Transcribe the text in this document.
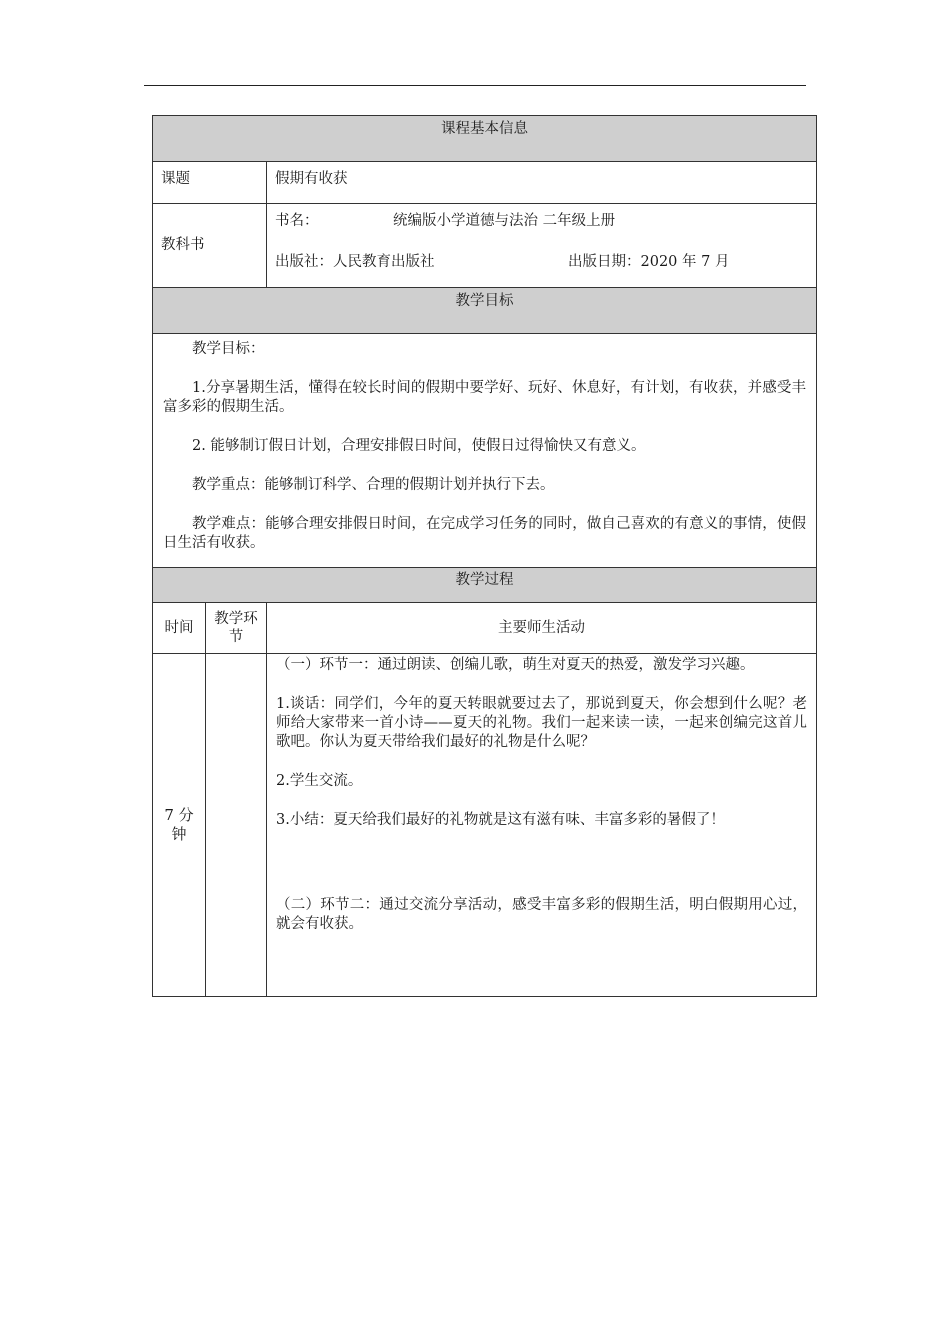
课程基本信息		
课题		假期有收获
教科书		书名： 统编版小学道德与法治 二年级上册
出版社：人民教育出版社 出版日期：2020 年 7 月

教学目标		

教学目标：

1.分享暑期生活，懂得在较长时间的假期中要学好、玩好、休息好，有计划，有收获，并感受丰富多彩的假期生活。

2. 能够制订假日计划，合理安排假日时间，使假日过得愉快又有意义。

教学重点：能够制订科学、合理的假期计划并执行下去。

教学难点：能够合理安排假日时间，在完成学习任务的同时，做自己喜欢的有意义的事情，使假日生活有收获。		

教学过程		
时间	教学环节	主要师生活动
7 分钟		（一）环节一：通过朗读、创编儿歌，萌生对夏天的热爱，激发学习兴趣。

1.谈话：同学们，今年的夏天转眼就要过去了，那说到夏天，你会想到什么呢？老师给大家带来一首小诗——夏天的礼物。我们一起来读一读，一起来创编完这首儿歌吧。你认为夏天带给我们最好的礼物是什么呢？

2.学生交流。

3.小结：夏天给我们最好的礼物就是这有滋有味、丰富多彩的暑假了！

（二）环节二：通过交流分享活动，感受丰富多彩的假期生活，明白假期用心过，就会有收获。
